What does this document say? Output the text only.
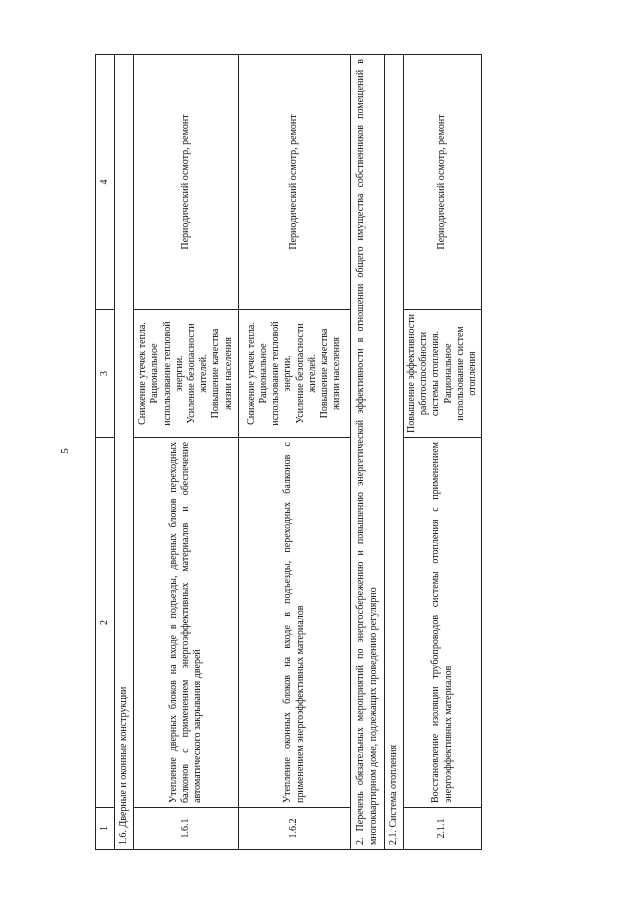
5
1	2	3	4
1.6. Дверные и оконные конструкции			
1.6.1	Утепление дверных блоков на входе в подъезды, дверных блоков переходных балконов с применением энергоэффективных материалов и обеспечение автоматического закрывания дверей	Снижение утечек тепла. Рациональное использование тепловой энергии. Усиление безопасности жителей. Повышение качества жизни населения	Периодический осмотр, ремонт
1.6.2	Утепление оконных блоков на входе в подъезды, переходных балконов с применением энергоэффективных материалов	Снижение утечек тепла. Рациональное использование тепловой энергии. Усиление безопасности жителей. Повышение качества жизни населения	Периодический осмотр, ремонт
2. Перечень обязательных мероприятий по энергосбережению и повышению энергетической эффективности в отношении общего имущества собственников помещений в многоквартирном доме, подлежащих проведению регулярно			
2.1. Система отопления			
2.1.1	Восстановление изоляции трубопроводов системы отопления с применением энергоэффективных материалов	Повышение эффективности работоспособности системы отопления. Рациональное использование систем отопления	Периодический осмотр, ремонт
